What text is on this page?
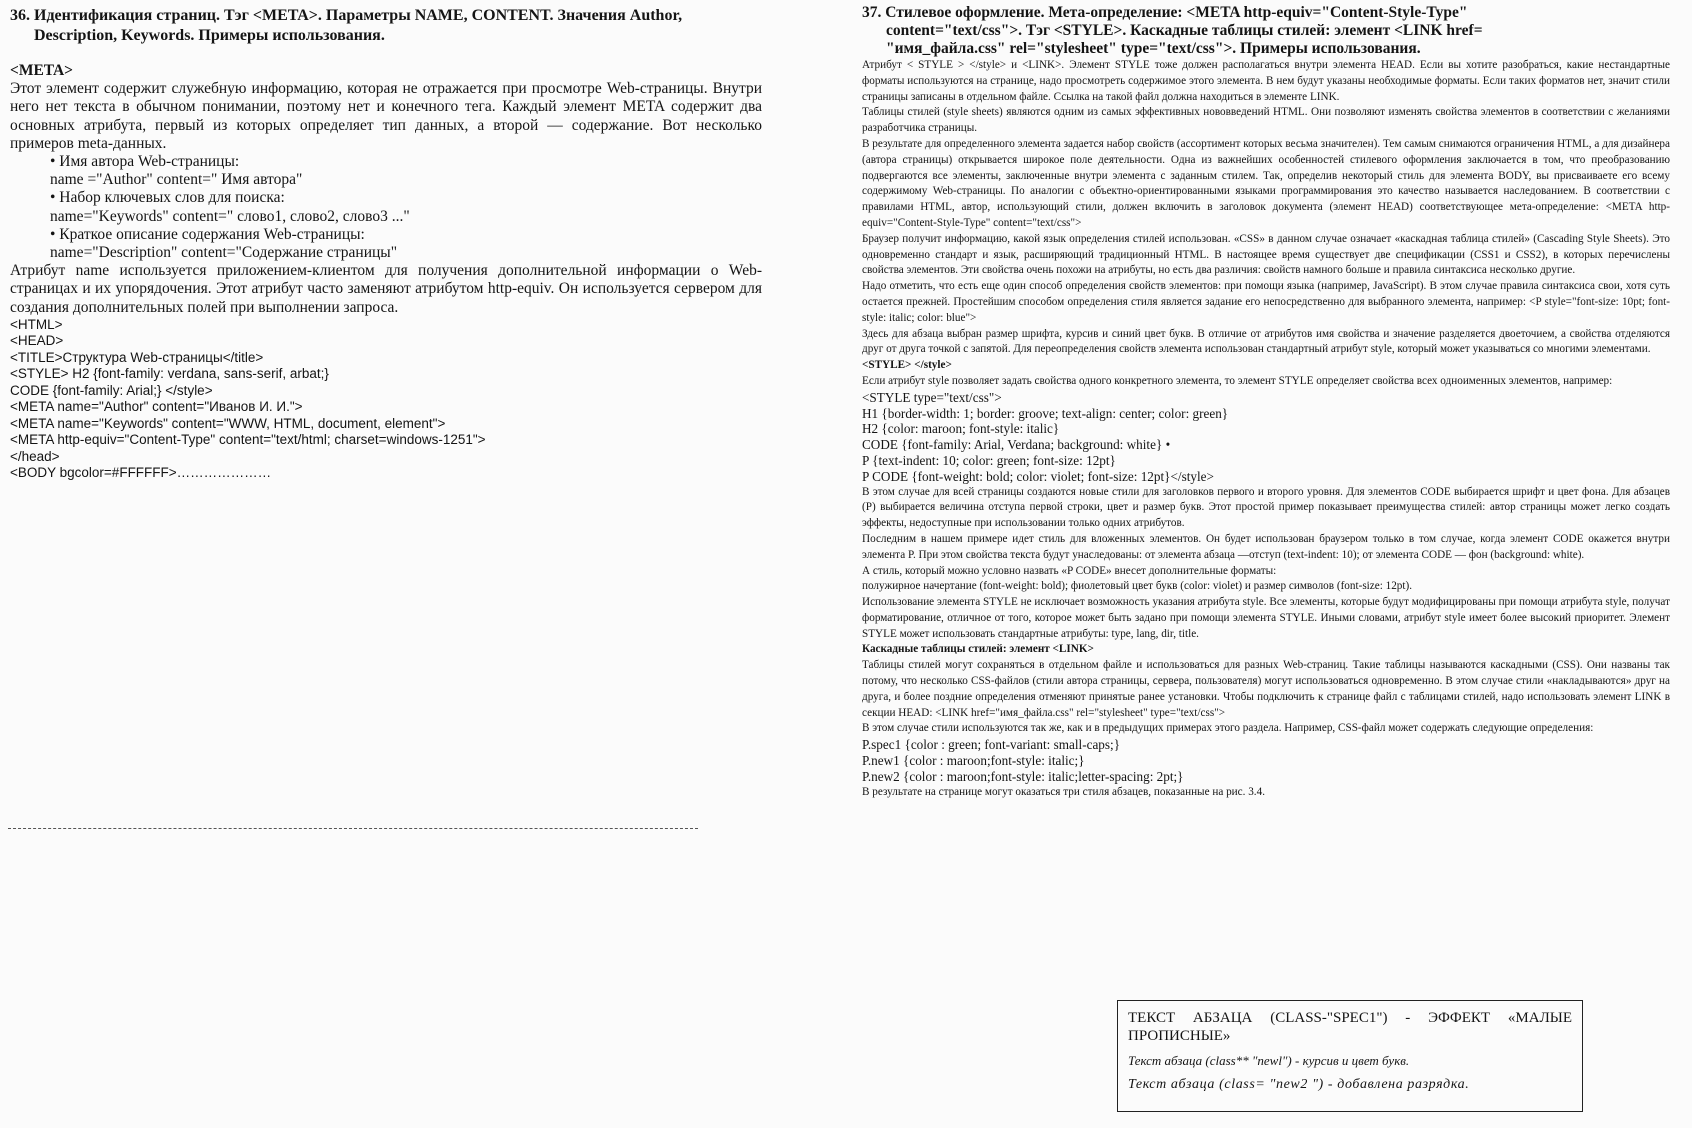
36. Идентификация страниц. Тэг <META>. Параметры NAME, CONTENT. Значения Author,
Description, Keywords. Примеры использования.
<META>
Этот элемент содержит служебную информацию, которая не отражается при просмотре Web-страницы. Внутри него нет текста в обычном понимании, поэтому нет и конечного тега. Каждый элемент META содержит два основных атрибута, первый из которых определяет тип данных, а второй — содержание. Вот несколько примеров meta-данных.
• Имя автора Web-страницы:
name ="Author" content=" Имя автора"
• Набор ключевых слов для поиска:
name="Keywords" content=" слово1, слово2, слово3 ..."
• Краткое описание содержания Web-страницы:
name="Description" content="Содержание страницы"
Атрибут name используется приложением-клиентом для получения дополнительной информации о Web-страницах и их упорядочения. Этот атрибут часто заменяют атрибутом http-equiv. Он используется сервером для создания дополнительных полей при выполнении запроса.
<HTML>
<HEAD>
<TITLE>Структура Web-страницы</title>
<STYLE> H2 {font-family: verdana, sans-serif, arbat;}
CODE {font-family: Arial;} </style>
<META name="Author" content="Иванов И. И.">
<META name="Keywords" content="WWW, HTML, document, element">
<META http-equiv="Content-Type" content="text/html; charset=windows-1251">
</head>
<BODY bgcolor=#FFFFFF>…………………
37. Стилевое оформление. Мета-определение: <META http-equiv="Content-Style-Type"
content="text/css">. Тэг <STYLE>. Каскадные таблицы стилей: элемент <LINK href=
"имя_файла.css" rel="stylesheet" type="text/css">. Примеры использования.

Атрибут < STYLE > </style> и <LINK>. Элемент STYLE тоже должен располагаться внутри элемента HEAD. Если вы хотите разобраться, какие нестандартные форматы используются на странице, надо просмотреть содержимое этого элемента. В нем будут указаны необходимые форматы. Если таких форматов нет, значит стили страницы записаны в отдельном файле. Ссылка на такой файл должна находиться в элементе LINK.

Таблицы стилей (style sheets) являются одним из самых эффективных нововведений HTML. Они позволяют изменять свойства элементов в соответствии с желаниями разработчика страницы.

В результате для определенного элемента задается набор свойств (ассортимент которых весьма значителен). Тем самым снимаются ограничения HTML, а для дизайнера (автора страницы) открывается широкое поле деятельности. Одна из важнейших особенностей стилевого оформления заключается в том, что преобразованию подвергаются все элементы, заключенные внутри элемента с заданным стилем. Так, определив некоторый стиль для элемента BODY, вы присваиваете его всему содержимому Web-страницы. По аналогии с объектно-ориентированными языками программирования это качество называется наследованием. В соответствии с правилами HTML, автор, использующий стили, должен включить в заголовок документа (элемент HEAD) соответствующее мета-определение: <META http-equiv="Content-Style-Type" content="text/css">

Браузер получит информацию, какой язык определения стилей использован. «CSS» в данном случае означает «каскадная таблица стилей» (Cascading Style Sheets). Это одновременно стандарт и язык, расширяющий традиционный HTML. В настоящее время существует две спецификации (CSS1 и CSS2), в которых перечислены свойства элементов. Эти свойства очень похожи на атрибуты, но есть два различия: свойств намного больше и правила синтаксиса несколько другие.

Надо отметить, что есть еще один способ определения свойств элементов: при помощи языка (например, JavaScript). В этом случае правила синтаксиса свои, хотя суть остается прежней. Простейшим способом определения стиля является задание его непосредственно для выбранного элемента, например: <P style="font-size: 10pt; font-style: italic; color: blue">

Здесь для абзаца выбран размер шрифта, курсив и синий цвет букв. В отличие от атрибутов имя свойства и значение разделяется двоеточием, а свойства отделяются друг от друга точкой с запятой. Для переопределения свойств элемента использован стандартный атрибут style, который может указываться со многими элементами.

<STYLE> </style>

Если атрибут style позволяет задать свойства одного конкретного элемента, то элемент STYLE определяет свойства всех одноименных элементов, например:

<STYLE type="text/css">
H1 {border-width: 1; border: groove; text-align: center; color: green}
H2 {color: maroon; font-style: italic}
CODE {font-family: Arial, Verdana; background: white} •
P {text-indent: 10; color: green; font-size: 12pt}
P CODE {font-weight: bold; color: violet; font-size: 12pt}</style>

В этом случае для всей страницы создаются новые стили для заголовков первого и второго уровня. Для элементов CODE выбирается шрифт и цвет фона. Для абзацев (P) выбирается величина отступа первой строки, цвет и размер букв. Этот простой пример показывает преимущества стилей: автор страницы может легко создать эффекты, недоступные при использовании только одних атрибутов.

Последним в нашем примере идет стиль для вложенных элементов. Он будет использован браузером только в том случае, когда элемент CODE окажется внутри элемента P. При этом свойства текста будут унаследованы: от элемента абзаца —отступ (text-indent: 10); от элемента CODE — фон (background: white).

А стиль, который можно условно назвать «P CODE» внесет дополнительные форматы:

полужирное начертание (font-weight: bold); фиолетовый цвет букв (color: violet) и размер символов (font-size: 12pt).

Использование элемента STYLE не исключает возможность указания атрибута style. Все элементы, которые будут модифицированы при помощи атрибута style, получат форматирование, отличное от того, которое может быть задано при помощи элемента STYLE. Иными словами, атрибут style имеет более высокий приоритет. Элемент STYLE может использовать стандартные атрибуты: type, lang, dir, title.

Каскадные таблицы стилей: элемент <LINK>

Таблицы стилей могут сохраняться в отдельном файле и использоваться для разных Web-страниц. Такие таблицы называются каскадными (CSS). Они названы так потому, что несколько CSS-файлов (стили автора страницы, сервера, пользователя) могут использоваться одновременно. В этом случае стили «накладываются» друг на друга, и более поздние определения отменяют принятые ранее установки. Чтобы подключить к странице файл с таблицами стилей, надо использовать элемент LINK в секции HEAD: <LINK href="имя_файла.css" rel="stylesheet" type="text/css">

В этом случае стили используются так же, как и в предыдущих примерах этого раздела. Например, CSS-файл может содержать следующие определения:

P.spec1 {color : green; font-variant: small-caps;}
P.new1 {color : maroon;font-style: italic;}
P.new2 {color : maroon;font-style: italic;letter-spacing: 2pt;}

В результате на странице могут оказаться три стиля абзацев, показанные на рис. 3.4.

ТЕКСТ АБЗАЦА (CLASS-"SPEC1") - ЭФФЕКТ «МАЛЫЕ ПРОПИСНЫЕ»
Текст абзаца (class** "newl") - курсив и цвет букв.
Текст абзаца (class= "new2 ") - добавлена разрядка.
